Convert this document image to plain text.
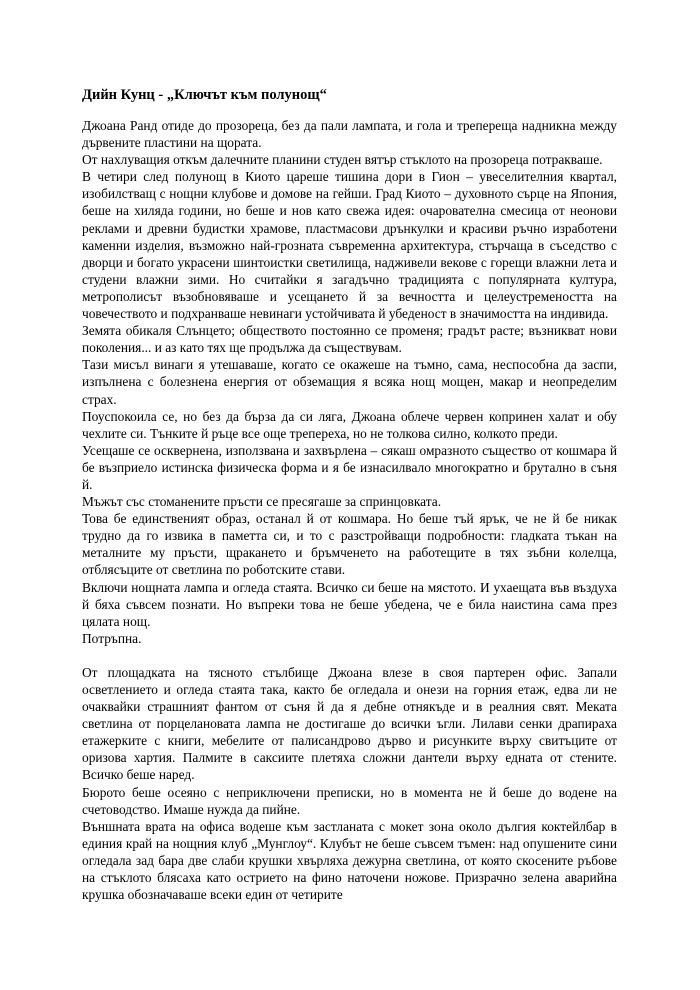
Дийн Кунц - „Ключът към полунощ“

Джоана Ранд отиде до прозореца, без да пали лампата, и гола и трепереща надникна между дървените пластини на щората.

От нахлуващия откъм далечните планини студен вятър стъклото на прозореца потракваше.

В четири след полунощ в Киото цареше тишина дори в Гион – увеселителния квартал, изобилстващ с нощни клубове и домове на гейши. Град Киото – духовното сърце на Япония, беше на хиляда години, но беше и нов като свежа идея: очарователна смесица от неонови реклами и древни будистки храмове, пластмасови дрънкулки и красиви ръчно изработени каменни изделия, възможно най-грозната съвременна архитектура, стърчаща в съседство с дворци и богато украсени шинтоистки светилища, надживели векове с горещи влажни лета и студени влажни зими. Но считайки я загадъчно традицията с популярната култура, метрополисът възобновяваше и усещането й за вечността и целеустремеността на човечеството и подхранваше невинаги устойчивата й убеденост в значимостта на индивида.

Земята обикаля Слънцето; обществото постоянно се променя; градът расте; възникват нови поколения... и аз като тях ще продължа да съществувам.

Тази мисъл винаги я утешаваше, когато се окажеше на тъмно, сама, неспособна да заспи, изпълнена с болезнена енергия от обземащия я всяка нощ мощен, макар и неопределим страх.

Поуспокоила се, но без да бърза да си ляга, Джоана облече червен копринен халат и обу чехлите си. Тънките й ръце все още трепереха, но не толкова силно, колкото преди.

Усещаше се осквернена, използвана и захвърлена – сякаш омразното същество от кошмара й бе възприело истинска физическа форма и я бе изнасилвало многократно и брутално в съня й.

Мъжът със стоманените пръсти се пресягаше за спринцовката.

Това бе единственият образ, останал й от кошмара. Но беше тъй ярък, че не й бе никак трудно да го извика в паметта си, и то с разстройващи подробности: гладката тъкан на металните му пръсти, щракането и бръмченето на работещите в тях зъбни колелца, отблясъците от светлина по роботските стави.

Включи нощната лампа и огледа стаята. Всичко си беше на мястото. И ухаещата във въздуха й бяха съвсем познати. Но въпреки това не беше убедена, че е била наистина сама през цялата нощ.

Потръпна.

От площадката на тясното стълбище Джоана влезе в своя партерен офис. Запали осветлението и огледа стаята така, както бе огледала и онези на горния етаж, едва ли не очаквайки страшният фантом от съня й да я дебне отнякъде и в реалния свят. Меката светлина от порцелановата лампа не достигаше до всички ъгли. Лилави сенки драпираха етажерките с книги, мебелите от палисандрово дърво и рисунките върху свитъците от оризова хартия. Палмите в саксиите плетяха сложни дантели върху едната от стените. Всичко беше наред.

Бюрото беше осеяно с неприключени преписки, но в момента не й беше до водене на счетоводство. Имаше нужда да пийне.

Външната врата на офиса водеше към застланата с мокет зона около дългия коктейлбар в единия край на нощния клуб „Мунглоу“. Клубът не беше съвсем тъмен: над опушените сини огледала зад бара две слаби крушки хвърляха дежурна светлина, от която скосените ръбове на стъклото блясаха като острието на фино наточени ножове. Призрачно зелена аварийна крушка обозначаваше всеки един от четирите
